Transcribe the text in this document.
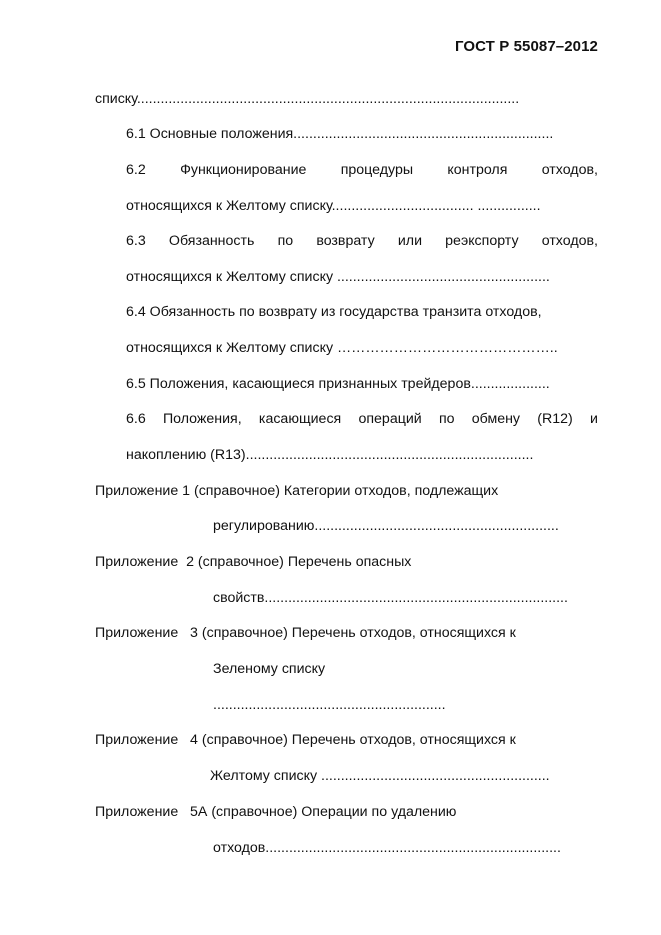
ГОСТ Р 55087–2012
списку.................................................................................................
6.1 Основные положения..................................................................
6.2 Функционирование процедуры контроля отходов,
относящихся к Желтому списку.................................... ................
6.3 Обязанность по возврату или реэкспорту отходов,
относящихся к Желтому списку ......................................................
6.4 Обязанность по возврату из государства транзита отходов,
относящихся к Желтому списку ………………………………………..
6.5 Положения, касающиеся признанных трейдеров....................
6.6 Положения, касающиеся операций по обмену (R12) и
накоплению (R13).........................................................................
Приложение 1 (справочное) Категории отходов, подлежащих
регулированию..............................................................
Приложение  2 (справочное) Перечень опасных
свойств.............................................................................
Приложение   3 (справочное) Перечень отходов, относящихся к
Зеленому списку
...........................................................
Приложение   4 (справочное) Перечень отходов, относящихся к
Желтому списку ..........................................................
Приложение   5А (справочное) Операции по удалению
отходов...........................................................................
